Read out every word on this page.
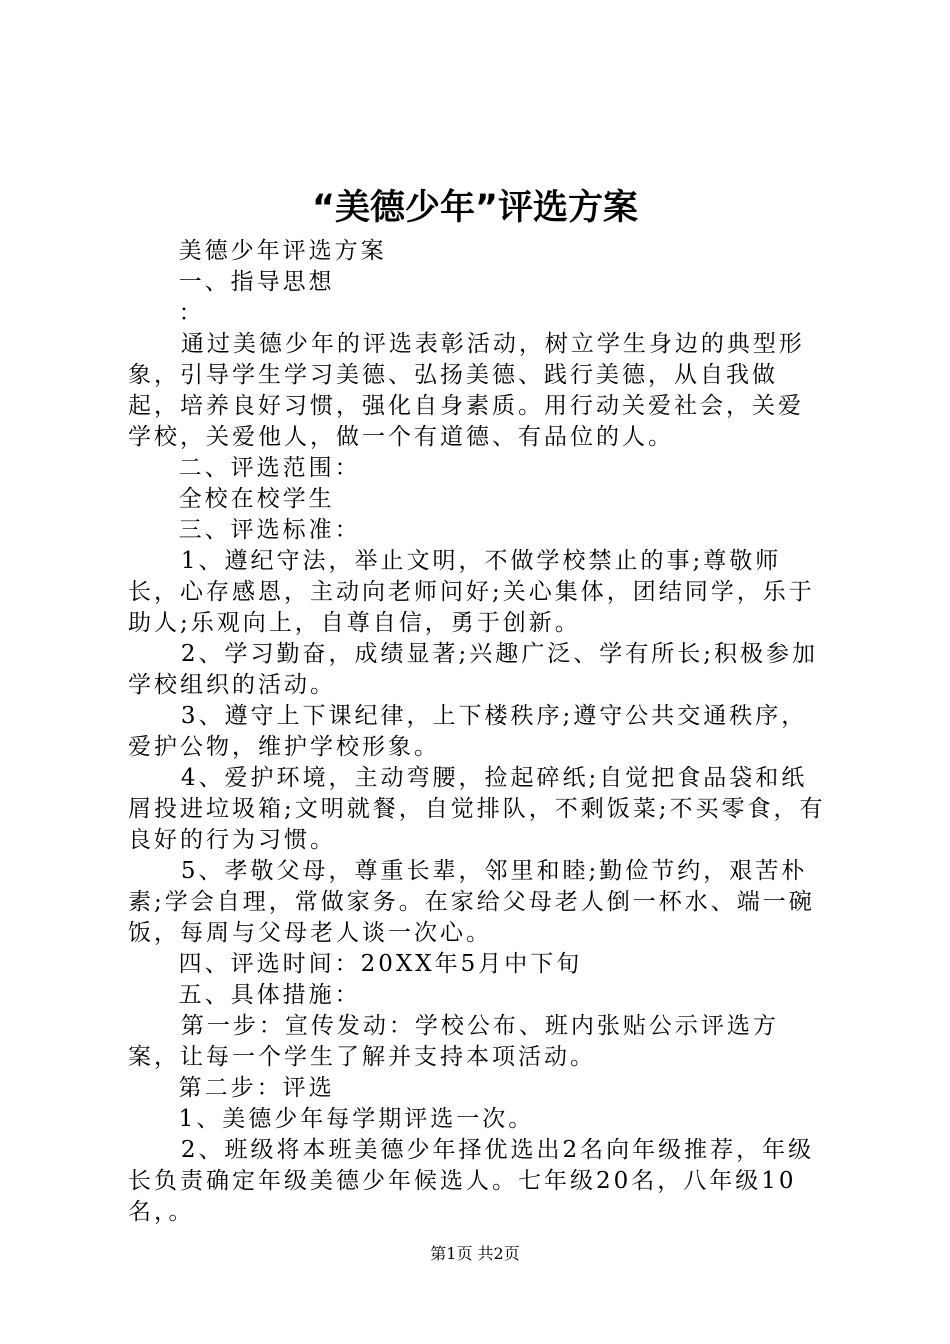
“美德少年”评选方案

美德少年评选方案

一、指导思想

：

通过美德少年的评选表彰活动，树立学生身边的典型形象，引导学生学习美德、弘扬美德、践行美德，从自我做起，培养良好习惯，强化自身素质。用行动关爱社会，关爱学校，关爱他人，做一个有道德、有品位的人。

二、评选范围：

全校在校学生

三、评选标准：

1、遵纪守法，举止文明，不做学校禁止的事;尊敬师长，心存感恩，主动向老师问好;关心集体，团结同学，乐于助人;乐观向上，自尊自信，勇于创新。

2、学习勤奋，成绩显著;兴趣广泛、学有所长;积极参加学校组织的活动。

3、遵守上下课纪律，上下楼秩序;遵守公共交通秩序，爱护公物，维护学校形象。

4、爱护环境，主动弯腰，捡起碎纸;自觉把食品袋和纸屑投进垃圾箱;文明就餐，自觉排队，不剩饭菜;不买零食，有良好的行为习惯。

5、孝敬父母，尊重长辈，邻里和睦;勤俭节约，艰苦朴素;学会自理，常做家务。在家给父母老人倒一杯水、端一碗饭，每周与父母老人谈一次心。

四、评选时间：20XX年5月中下旬

五、具体措施：

第一步：宣传发动：学校公布、班内张贴公示评选方案，让每一个学生了解并支持本项活动。

第二步：评选

1、美德少年每学期评选一次。

2、班级将本班美德少年择优选出2名向年级推荐，年级长负责确定年级美德少年候选人。七年级20名，八年级10名，。

第1页 共2页
